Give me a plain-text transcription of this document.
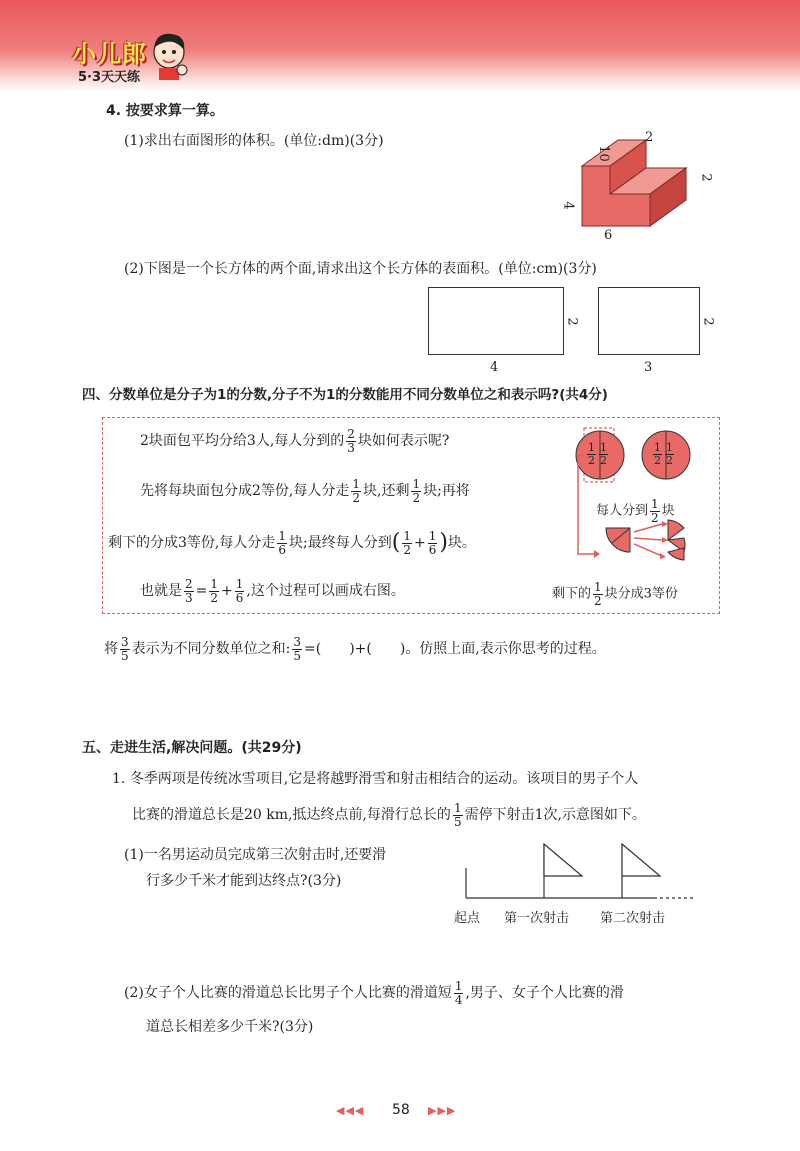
小儿郎
5·3天天练
4. 按要求算一算。
(1)求出右面图形的体积。(单位:dm)(3分)	2
10
2
4
6
(2)下图是一个长方体的两个面,请求出这个长方体的表面积。(单位:cm)(3分)
2
4
2
3
四、分数单位是分子为1的分数,分子不为1的分数能用不同分数单位之和表示吗?(共4分)
2块面包平均分给3人,每人分到的 $\frac{2}{3}$ 块如何表示呢?
先将每块面包分成2等份,每人分走 $\frac{1}{2}$ 块,还剩 $\frac{1}{2}$ 块;再将
剩下的分成3等份,每人分走 $\frac{1}{6}$ 块;最终每人分到( $\frac{1}{2} + \frac{1}{6}$ )块。
也就是 $\frac{2}{3} = \frac{1}{2} + \frac{1}{6}$ ,这个过程可以画成右图。
$\frac{1}{2} \frac{1}{2}$	$\frac{1}{2} \frac{1}{2}$
每人分到 $\frac{1}{2}$ 块
剩下的 $\frac{1}{2}$ 块分成3等份
将 $\frac{3}{5}$ 表示为不同分数单位之和: $\frac{3}{5}$ =(　　)+(　　)。仿照上面,表示你思考的过程。
五、走进生活,解决问题。(共29分)
1. 冬季两项是传统冰雪项目,它是将越野滑雪和射击相结合的运动。该项目的男子个人
比赛的滑道总长是20 km,抵达终点前,每滑行总长的 $\frac{1}{5}$ 需停下射击1次,示意图如下。
(1)一名男运动员完成第三次射击时,还要滑
行多少千米才能到达终点?(3分)
起点 第一次射击 第二次射击
(2)女子个人比赛的滑道总长比男子个人比赛的滑道短 $\frac{1}{4}$ ,男子、女子个人比赛的滑
道总长相差多少千米?(3分)
◀◀◀ 58 ▶▶▶
